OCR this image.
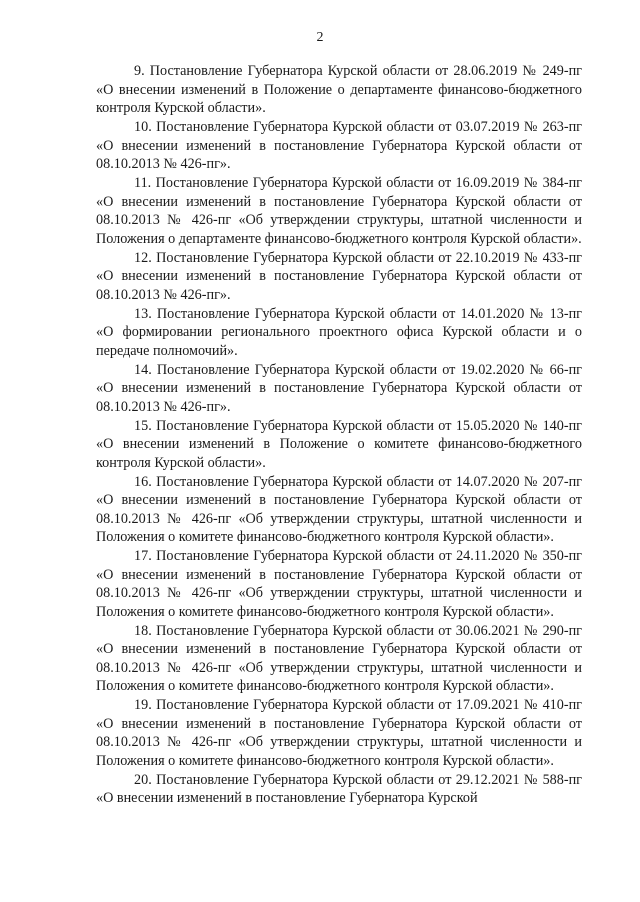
2

9. Постановление Губернатора Курской области от 28.06.2019 № 249-пг «О внесении изменений в Положение о департаменте финансово-бюджетного контроля Курской области».

10. Постановление Губернатора Курской области от 03.07.2019 № 263-пг «О внесении изменений в постановление Губернатора Курской области от 08.10.2013 № 426-пг».

11. Постановление Губернатора Курской области от 16.09.2019 № 384-пг «О внесении изменений в постановление Губернатора Курской области от 08.10.2013 № 426-пг «Об утверждении структуры, штатной численности и Положения о департаменте финансово-бюджетного контроля Курской области».

12. Постановление Губернатора Курской области от 22.10.2019 № 433-пг «О внесении изменений в постановление Губернатора Курской области от 08.10.2013 № 426-пг».

13. Постановление Губернатора Курской области от 14.01.2020 № 13-пг «О формировании регионального проектного офиса Курской области и о передаче полномочий».

14. Постановление Губернатора Курской области от 19.02.2020 № 66-пг «О внесении изменений в постановление Губернатора Курской области от 08.10.2013 № 426-пг».

15. Постановление Губернатора Курской области от 15.05.2020 № 140-пг «О внесении изменений в Положение о комитете финансово-бюджетного контроля Курской области».

16. Постановление Губернатора Курской области от 14.07.2020 № 207-пг «О внесении изменений в постановление Губернатора Курской области от 08.10.2013 № 426-пг «Об утверждении структуры, штатной численности и Положения о комитете финансово-бюджетного контроля Курской области».

17. Постановление Губернатора Курской области от 24.11.2020 № 350-пг «О внесении изменений в постановление Губернатора Курской области от 08.10.2013 № 426-пг «Об утверждении структуры, штатной численности и Положения о комитете финансово-бюджетного контроля Курской области».

18. Постановление Губернатора Курской области от 30.06.2021 № 290-пг «О внесении изменений в постановление Губернатора Курской области от 08.10.2013 № 426-пг «Об утверждении структуры, штатной численности и Положения о комитете финансово-бюджетного контроля Курской области».

19. Постановление Губернатора Курской области от 17.09.2021 № 410-пг «О внесении изменений в постановление Губернатора Курской области от 08.10.2013 № 426-пг «Об утверждении структуры, штатной численности и Положения о комитете финансово-бюджетного контроля Курской области».

20. Постановление Губернатора Курской области от 29.12.2021 № 588-пг «О внесении изменений в постановление Губернатора Курской
